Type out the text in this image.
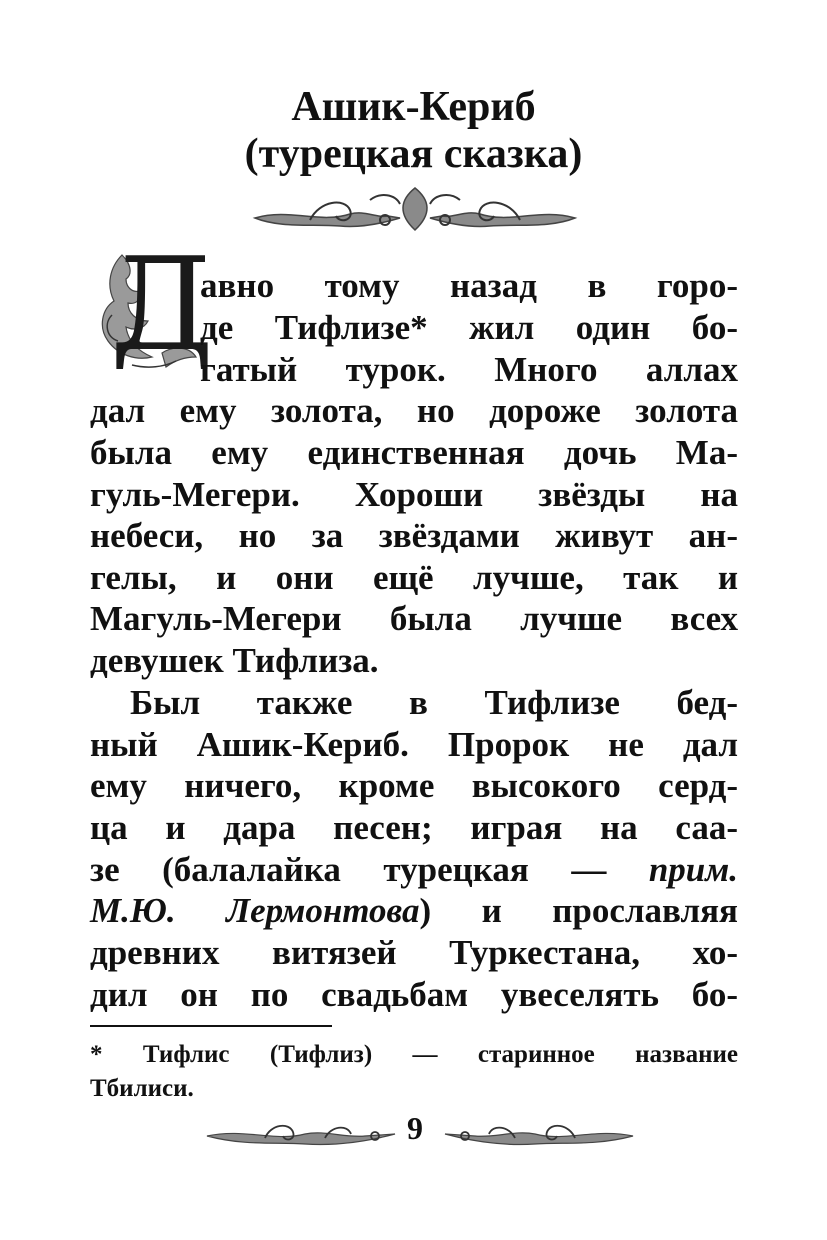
Ашик-Кериб
(турецкая сказка)
Д
авно тому назад в горо-
де Тифлизе* жил один бо-
гатый турок. Много аллах
дал ему золота, но дороже золота
была ему единственная дочь Ма-
гуль-Мегери. Хороши звёзды на
небеси, но за звёздами живут ан-
гелы, и они ещё лучше, так и
Магуль-Мегери была лучше всех
девушек Тифлиза.
Был также в Тифлизе бед-
ный Ашик-Кериб. Пророк не дал
ему ничего, кроме высокого серд-
ца и дара песен; играя на саа-
зе (балалайка турецкая — прим.
М.Ю. Лермонтова) и прославляя
древних витязей Туркестана, хо-
дил он по свадьбам увеселять бо-
* Тифлис (Тифлиз) — старинное название
Тбилиси.
9
